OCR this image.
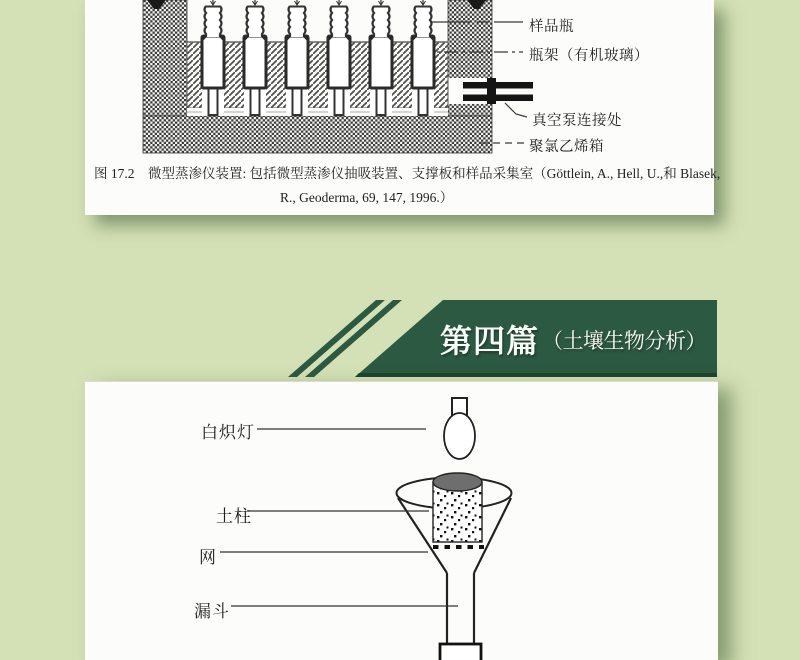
样品瓶
瓶架（有机玻璃）
真空泵连接处
聚氯乙烯箱
图 17.2　微型蒸渗仪装置: 包括微型蒸渗仪抽吸装置、支撑板和样品采集室（Göttlein, A., Hell, U.,和 Blasek,
R., Geoderma, 69, 147, 1996.）
第四篇 （土壤生物分析）
白炽灯
土柱
网
漏斗
